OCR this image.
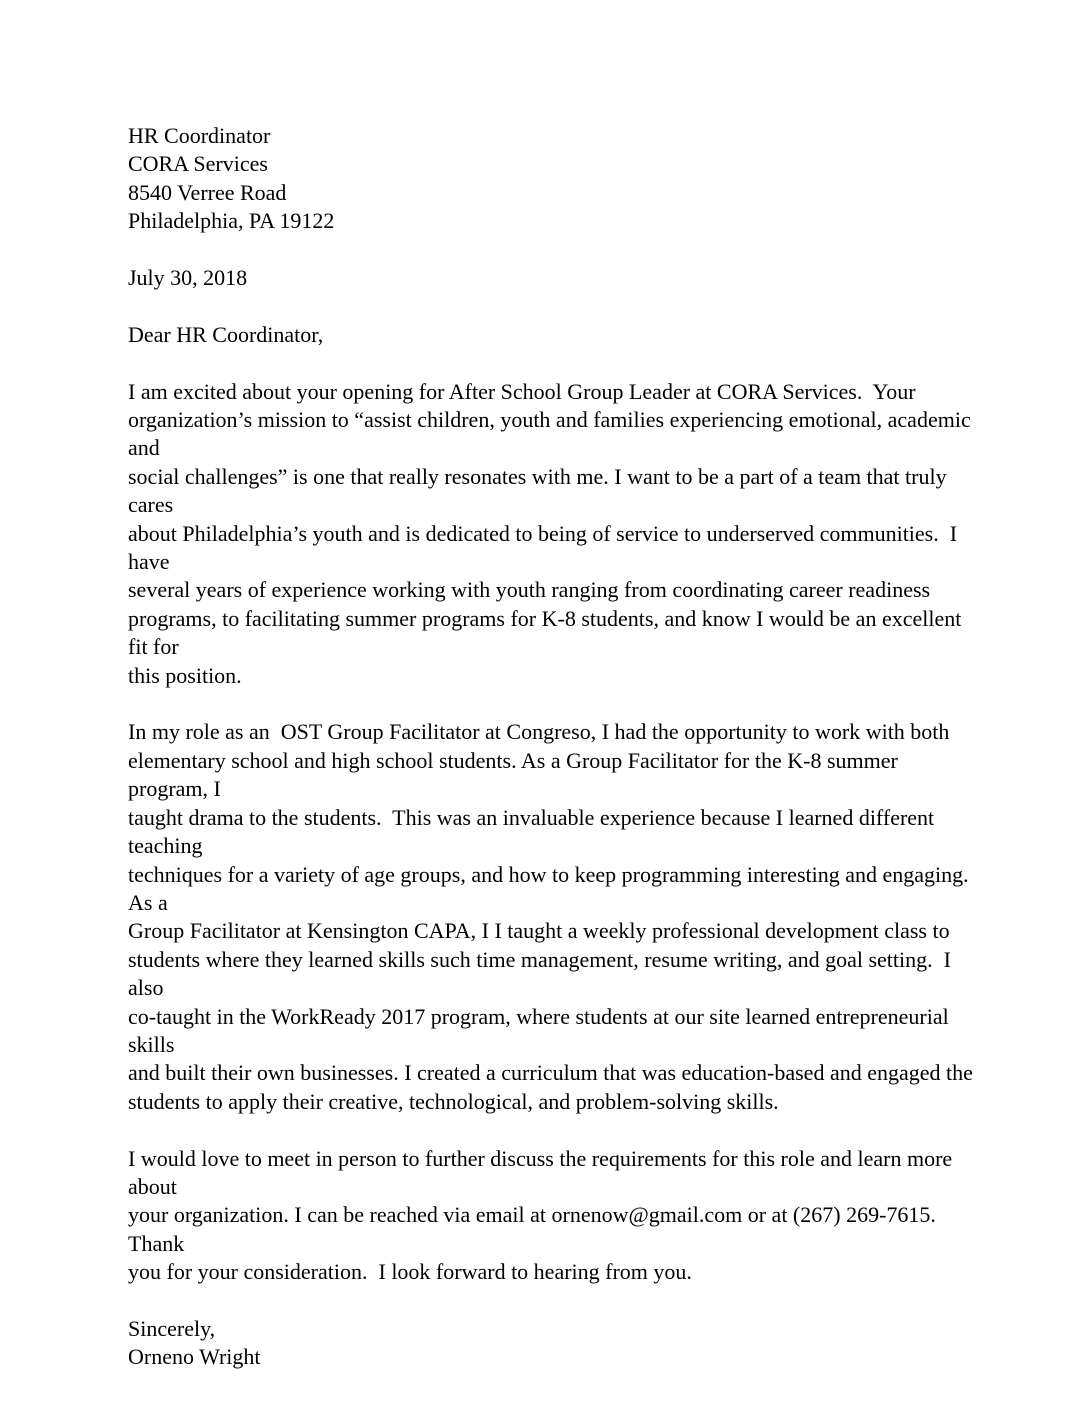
HR Coordinator
CORA Services
8540 Verree Road
Philadelphia, PA 19122
July 30, 2018
Dear HR Coordinator,
I am excited about your opening for After School Group Leader at CORA Services.  Your
organization’s mission to “assist children, youth and families experiencing emotional, academic and
social challenges” is one that really resonates with me. I want to be a part of a team that truly cares
about Philadelphia’s youth and is dedicated to being of service to underserved communities.  I have
several years of experience working with youth ranging from coordinating career readiness
programs, to facilitating summer programs for K-8 students, and know I would be an excellent fit for
this position.
In my role as an  OST Group Facilitator at Congreso, I had the opportunity to work with both
elementary school and high school students. As a Group Facilitator for the K-8 summer program, I
taught drama to the students.  This was an invaluable experience because I learned different teaching
techniques for a variety of age groups, and how to keep programming interesting and engaging. As a
Group Facilitator at Kensington CAPA, I I taught a weekly professional development class to
students where they learned skills such time management, resume writing, and goal setting.  I also
co-taught in the WorkReady 2017 program, where students at our site learned entrepreneurial skills
and built their own businesses. I created a curriculum that was education-based and engaged the
students to apply their creative, technological, and problem-solving skills.
I would love to meet in person to further discuss the requirements for this role and learn more about
your organization. I can be reached via email at ornenow@gmail.com or at (267) 269-7615. Thank
you for your consideration.  I look forward to hearing from you.
Sincerely,
Orneno Wright
